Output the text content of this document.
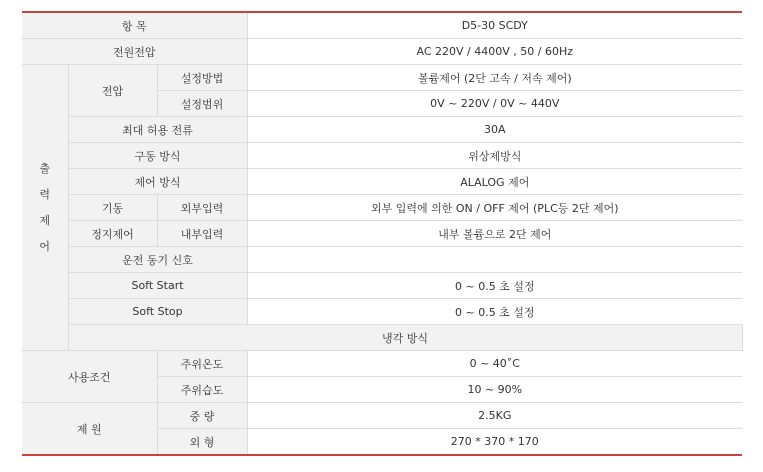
항 목			D5-30 SCDY	
전원전압			AC 220V / 4400V , 50 / 60Hz	

출
력
제
어	전압	설정방법	볼륨제어 (2단 고속 / 저속 제어)	
		설정범위	0V ~ 220V / 0V ~ 440V	
	최대 허용 전류		30A	
	구동 방식		위상제방식	
	제어 방식		ALALOG 제어	
	기동	외부입력	외부 입력에 의한 ON / OFF 제어 (PLC등 2단 제어)	
	정지제어	내부입력	내부 볼륨으로 2단 제어	
	운전 동기 신호			
	Soft Start		0 ~ 0.5 초 설정	
	Soft Stop		0 ~ 0.5 초 설정	
	냉각 방식	
사용조건		주위온도	0 ~ 40˚C	
		주위습도	10 ~ 90%	
제 원		중 량	2.5KG	
		외 형	270 * 370 * 170	
